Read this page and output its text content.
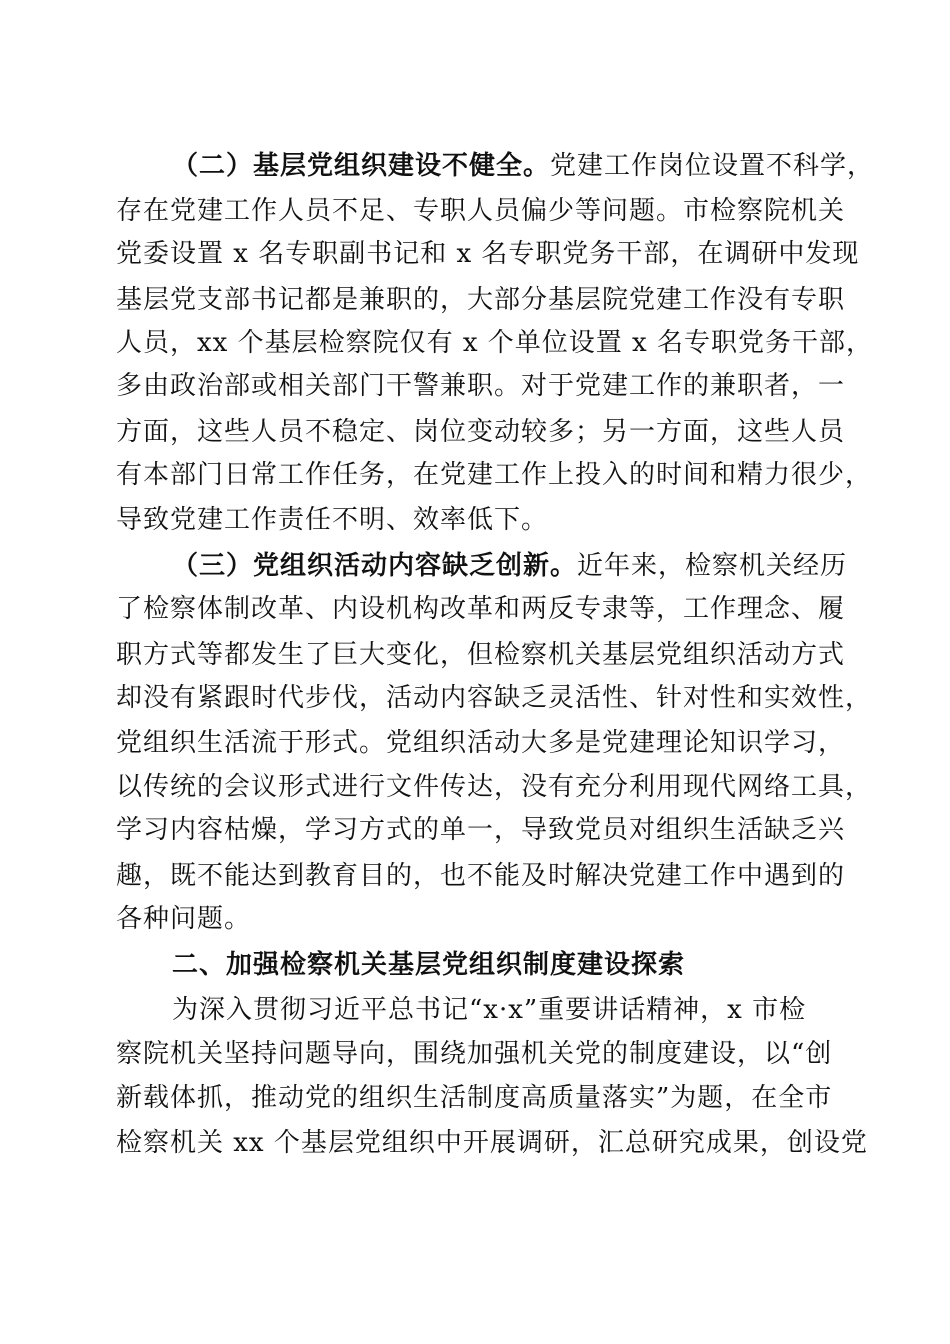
（二）基层党组织建设不健全。党建工作岗位设置不科学，
存在党建工作人员不足、专职人员偏少等问题。市检察院机关
党委设置 x 名专职副书记和 x 名专职党务干部，在调研中发现
基层党支部书记都是兼职的，大部分基层院党建工作没有专职
人员，xx 个基层检察院仅有 x 个单位设置 x 名专职党务干部，
多由政治部或相关部门干警兼职。对于党建工作的兼职者，一
方面，这些人员不稳定、岗位变动较多；另一方面，这些人员
有本部门日常工作任务，在党建工作上投入的时间和精力很少，
导致党建工作责任不明、效率低下。
（三）党组织活动内容缺乏创新。近年来，检察机关经历
了检察体制改革、内设机构改革和两反专隶等，工作理念、履
职方式等都发生了巨大变化，但检察机关基层党组织活动方式
却没有紧跟时代步伐，活动内容缺乏灵活性、针对性和实效性，
党组织生活流于形式。党组织活动大多是党建理论知识学习，
以传统的会议形式进行文件传达，没有充分利用现代网络工具，
学习内容枯燥，学习方式的单一，导致党员对组织生活缺乏兴
趣，既不能达到教育目的，也不能及时解决党建工作中遇到的
各种问题。
二、加强检察机关基层党组织制度建设探索
为深入贯彻习近平总书记“x·x”重要讲话精神，x 市检
察院机关坚持问题导向，围绕加强机关党的制度建设，以“创
新载体抓，推动党的组织生活制度高质量落实”为题，在全市
检察机关 xx 个基层党组织中开展调研，汇总研究成果，创设党
